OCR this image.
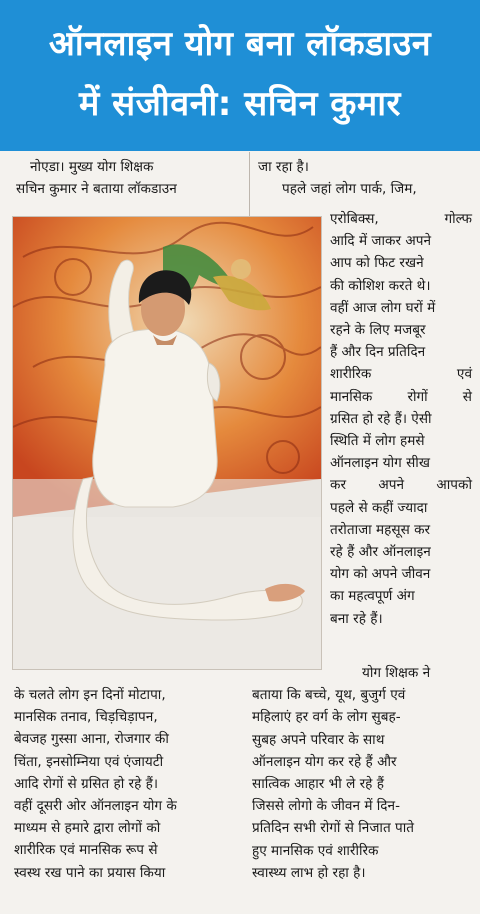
ऑनलाइन योग बना लॉकडाउन
में संजीवनी: सचिन कुमार

नोएडा। मुख्य योग शिक्षक

सचिन कुमार ने बताया लॉकडाउन

जा रहा है।

पहले जहां लोग पार्क, जिम,

एरोबिक्स, गोल्फ

आदि में जाकर अपने

आप को फिट रखने

की कोशिश करते थे।

वहीं आज लोग घरों में

रहने के लिए मजबूर

हैं और दिन प्रतिदिन

शारीरिक एवं

मानसिक रोगों से

ग्रसित हो रहे हैं। ऐसी

स्थिति में लोग हमसे

ऑनलाइन योग सीख

कर अपने आपको

पहले से कहीं ज्यादा

तरोताजा महसूस कर

रहे हैं और ऑनलाइन

योग को अपने जीवन

का महत्वपूर्ण अंग

बना रहे हैं।

के चलते लोग इन दिनों मोटापा,

मानसिक तनाव, चिड़चिड़ापन,

बेवजह गुस्सा आना, रोजगार की

चिंता, इनसोम्निया एवं एंजायटी

आदि रोगों से ग्रसित हो रहे हैं।

वहीं दूसरी ओर ऑनलाइन योग के

माध्यम से हमारे द्वारा लोगों को

शारीरिक एवं मानसिक रूप से

स्वस्थ रख पाने का प्रयास किया

योग शिक्षक ने

बताया कि बच्चे, यूथ, बुजुर्ग एवं

महिलाएं हर वर्ग के लोग सुबह-

सुबह अपने परिवार के साथ

ऑनलाइन योग कर रहे हैं और

सात्विक आहार भी ले रहे हैं

जिससे लोगो के जीवन में दिन-

प्रतिदिन सभी रोगों से निजात पाते

हुए मानसिक एवं शारीरिक

स्वास्थ्य लाभ हो रहा है।
